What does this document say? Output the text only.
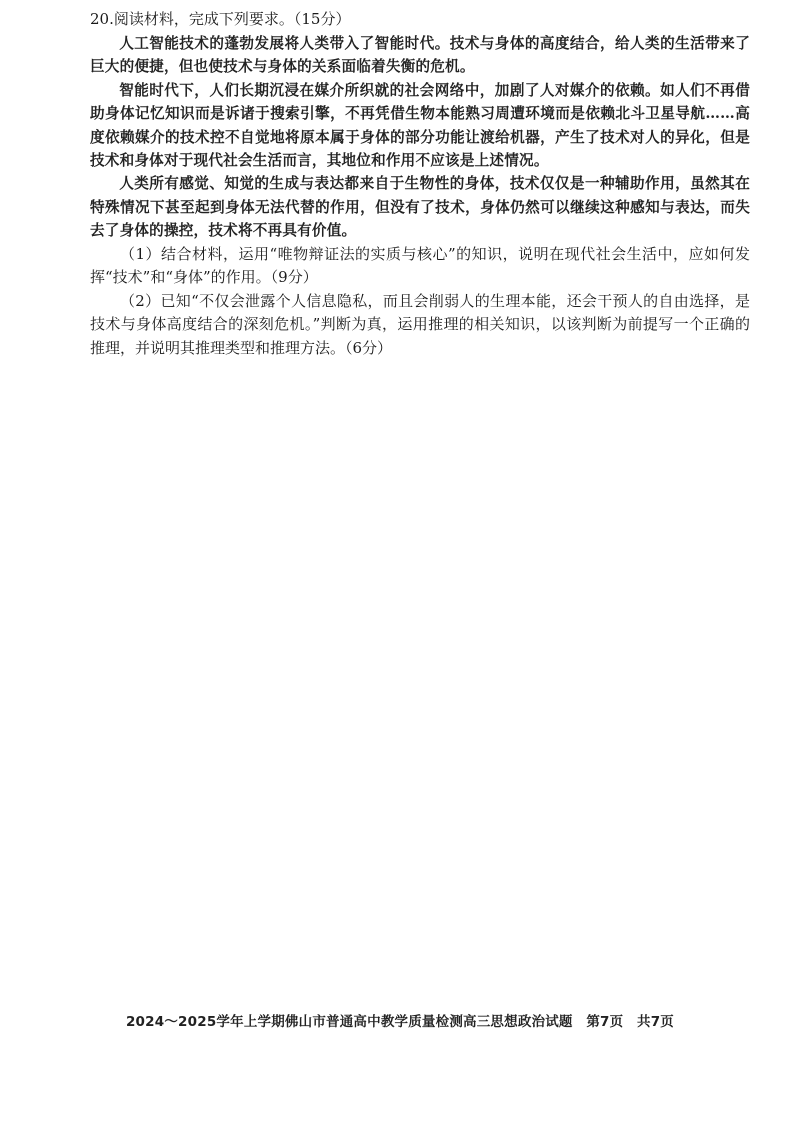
20.阅读材料，完成下列要求。（15分）

人工智能技术的蓬勃发展将人类带入了智能时代。技术与身体的高度结合，给人类的生活带来了巨大的便捷，但也使技术与身体的关系面临着失衡的危机。

智能时代下，人们长期沉浸在媒介所织就的社会网络中，加剧了人对媒介的依赖。如人们不再借助身体记忆知识而是诉诸于搜索引擎，不再凭借生物本能熟习周遭环境而是依赖北斗卫星导航……高度依赖媒介的技术控不自觉地将原本属于身体的部分功能让渡给机器，产生了技术对人的异化，但是技术和身体对于现代社会生活而言，其地位和作用不应该是上述情况。

人类所有感觉、知觉的生成与表达都来自于生物性的身体，技术仅仅是一种辅助作用，虽然其在特殊情况下甚至起到身体无法代替的作用，但没有了技术，身体仍然可以继续这种感知与表达，而失去了身体的操控，技术将不再具有价值。

（1）结合材料，运用“唯物辩证法的实质与核心”的知识，说明在现代社会生活中，应如何发挥“技术”和“身体”的作用。（9分）

（2）已知“不仅会泄露个人信息隐私，而且会削弱人的生理本能，还会干预人的自由选择，是技术与身体高度结合的深刻危机。”判断为真，运用推理的相关知识，以该判断为前提写一个正确的推理，并说明其推理类型和推理方法。（6分）

2024～2025学年上学期佛山市普通高中教学质量检测高三思想政治试题　第7页　共7页
